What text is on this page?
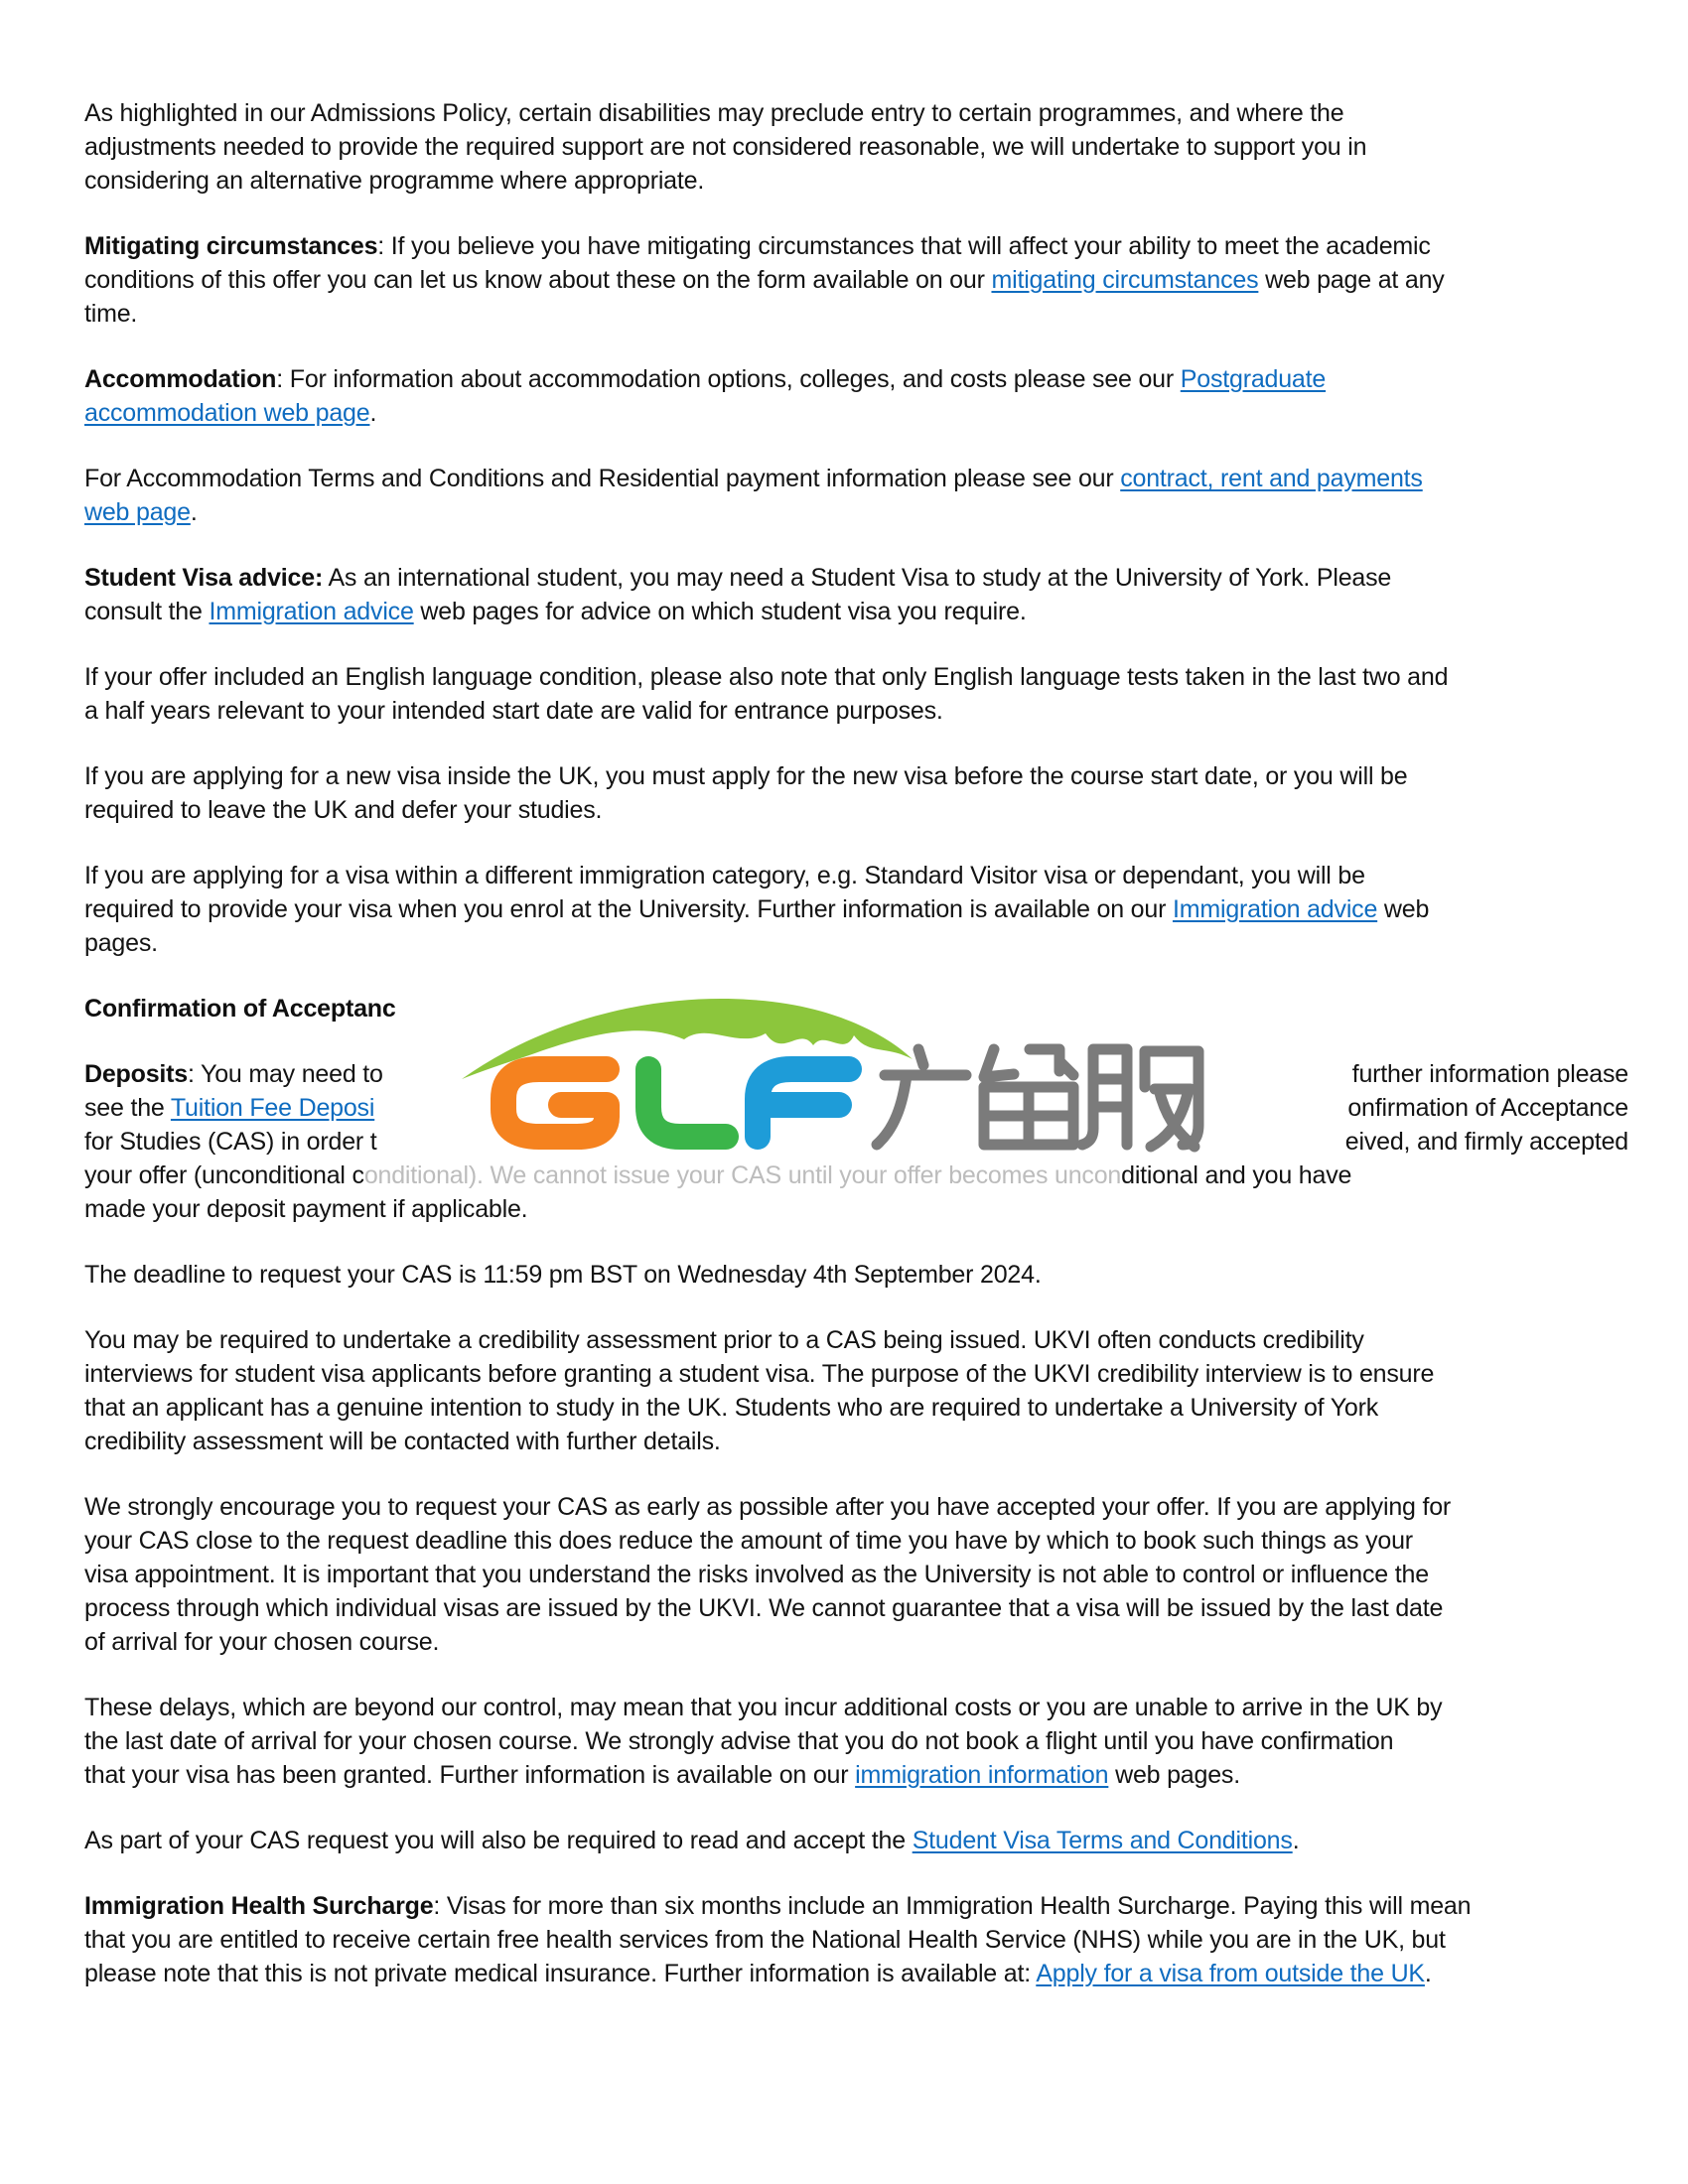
As highlighted in our Admissions Policy, certain disabilities may preclude entry to certain programmes, and where the
adjustments needed to provide the required support are not considered reasonable, we will undertake to support you in
considering an alternative programme where appropriate.
Mitigating circumstances: If you believe you have mitigating circumstances that will affect your ability to meet the academic
conditions of this offer you can let us know about these on the form available on our mitigating circumstances web page at any
time.
Accommodation: For information about accommodation options, colleges, and costs please see our Postgraduate
accommodation web page.
For Accommodation Terms and Conditions and Residential payment information please see our contract, rent and payments
web page.
Student Visa advice: As an international student, you may need a Student Visa to study at the University of York. Please
consult the Immigration advice web pages for advice on which student visa you require.
If your offer included an English language condition, please also note that only English language tests taken in the last two and
a half years relevant to your intended start date are valid for entrance purposes.
If you are applying for a new visa inside the UK, you must apply for the new visa before the course start date, or you will be
required to leave the UK and defer your studies.
If you are applying for a visa within a different immigration category, e.g. Standard Visitor visa or dependant, you will be
required to provide your visa when you enrol at the University. Further information is available on our Immigration advice web
pages.
Confirmation of Acceptanc
Deposits: You may need to	further information please
see the Tuition Fee Deposi	onfirmation of Acceptance
for Studies (CAS) in order t	eived, and firmly accepted
your offer (unconditional conditional). We cannot issue your CAS until your offer becomes unconditional and you have
made your deposit payment if applicable.
The deadline to request your CAS is 11:59 pm BST on Wednesday 4th September 2024.
You may be required to undertake a credibility assessment prior to a CAS being issued. UKVI often conducts credibility
interviews for student visa applicants before granting a student visa. The purpose of the UKVI credibility interview is to ensure
that an applicant has a genuine intention to study in the UK. Students who are required to undertake a University of York
credibility assessment will be contacted with further details.
We strongly encourage you to request your CAS as early as possible after you have accepted your offer. If you are applying for
your CAS close to the request deadline this does reduce the amount of time you have by which to book such things as your
visa appointment. It is important that you understand the risks involved as the University is not able to control or influence the
process through which individual visas are issued by the UKVI. We cannot guarantee that a visa will be issued by the last date
of arrival for your chosen course.
These delays, which are beyond our control, may mean that you incur additional costs or you are unable to arrive in the UK by
the last date of arrival for your chosen course. We strongly advise that you do not book a flight until you have confirmation
that your visa has been granted. Further information is available on our immigration information web pages.
As part of your CAS request you will also be required to read and accept the Student Visa Terms and Conditions.
Immigration Health Surcharge: Visas for more than six months include an Immigration Health Surcharge. Paying this will mean
that you are entitled to receive certain free health services from the National Health Service (NHS) while you are in the UK, but
please note that this is not private medical insurance. Further information is available at: Apply for a visa from outside the UK.
